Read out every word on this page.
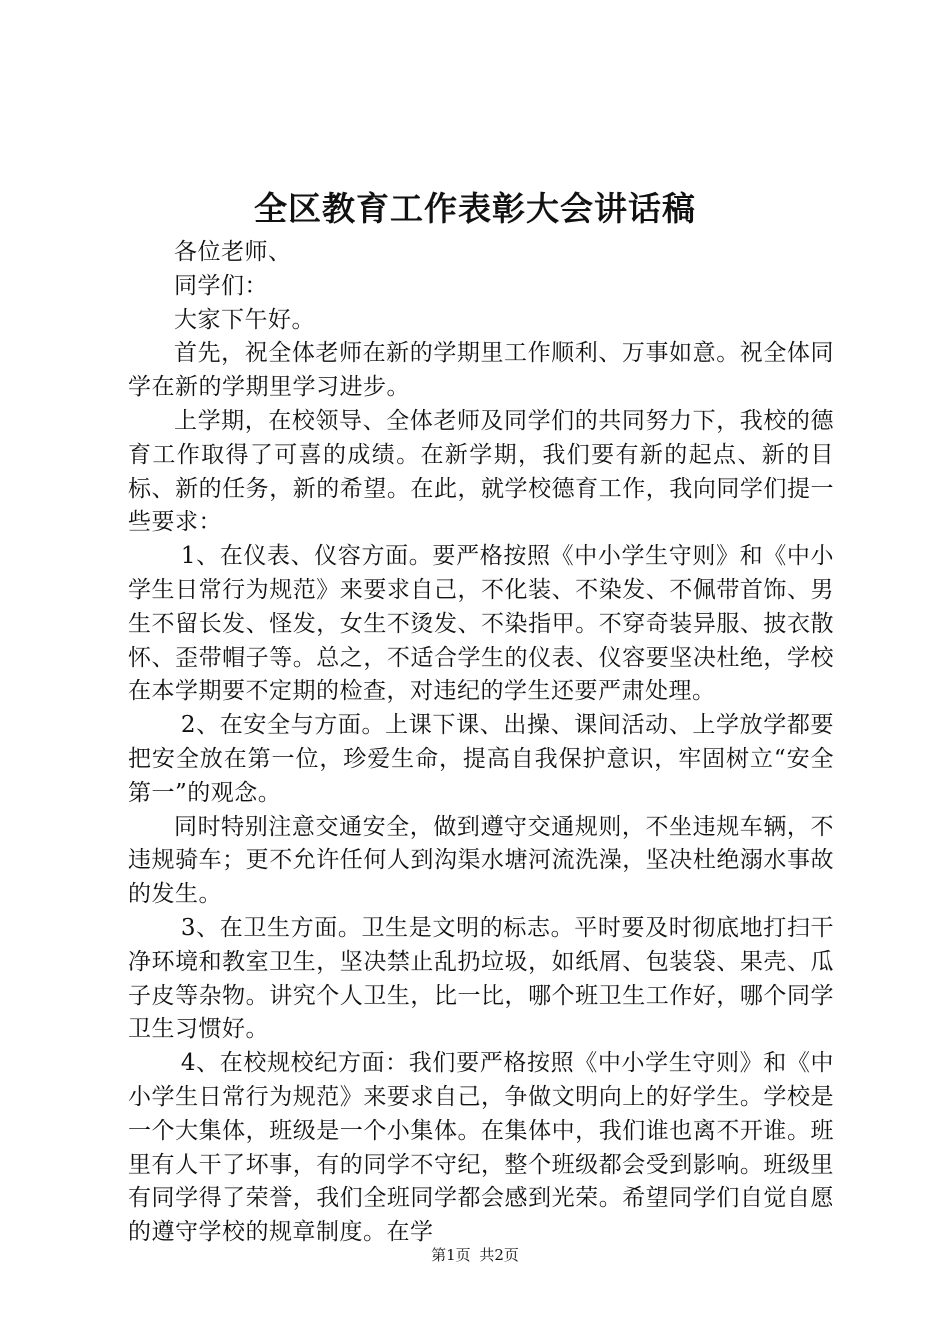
全区教育工作表彰大会讲话稿

各位老师、

同学们：

大家下午好。

首先，祝全体老师在新的学期里工作顺利、万事如意。祝全体同学在新的学期里学习进步。

上学期，在校领导、全体老师及同学们的共同努力下，我校的德育工作取得了可喜的成绩。在新学期，我们要有新的起点、新的目标、新的任务，新的希望。在此，就学校德育工作，我向同学们提一些要求：

1、在仪表、仪容方面。要严格按照《中小学生守则》和《中小学生日常行为规范》来要求自己，不化装、不染发、不佩带首饰、男生不留长发、怪发，女生不烫发、不染指甲。不穿奇装异服、披衣散怀、歪带帽子等。总之，不适合学生的仪表、仪容要坚决杜绝，学校在本学期要不定期的检查，对违纪的学生还要严肃处理。

2、在安全与方面。上课下课、出操、课间活动、上学放学都要把安全放在第一位，珍爱生命，提高自我保护意识，牢固树立“安全第一”的观念。

同时特别注意交通安全，做到遵守交通规则，不坐违规车辆，不违规骑车；更不允许任何人到沟渠水塘河流洗澡，坚决杜绝溺水事故的发生。

3、在卫生方面。卫生是文明的标志。平时要及时彻底地打扫干净环境和教室卫生，坚决禁止乱扔垃圾，如纸屑、包装袋、果壳、瓜子皮等杂物。讲究个人卫生，比一比，哪个班卫生工作好，哪个同学卫生习惯好。

4、在校规校纪方面：我们要严格按照《中小学生守则》和《中小学生日常行为规范》来要求自己，争做文明向上的好学生。学校是一个大集体，班级是一个小集体。在集体中，我们谁也离不开谁。班里有人干了坏事，有的同学不守纪，整个班级都会受到影响。班级里有同学得了荣誉，我们全班同学都会感到光荣。希望同学们自觉自愿的遵守学校的规章制度。在学

第1页 共2页
